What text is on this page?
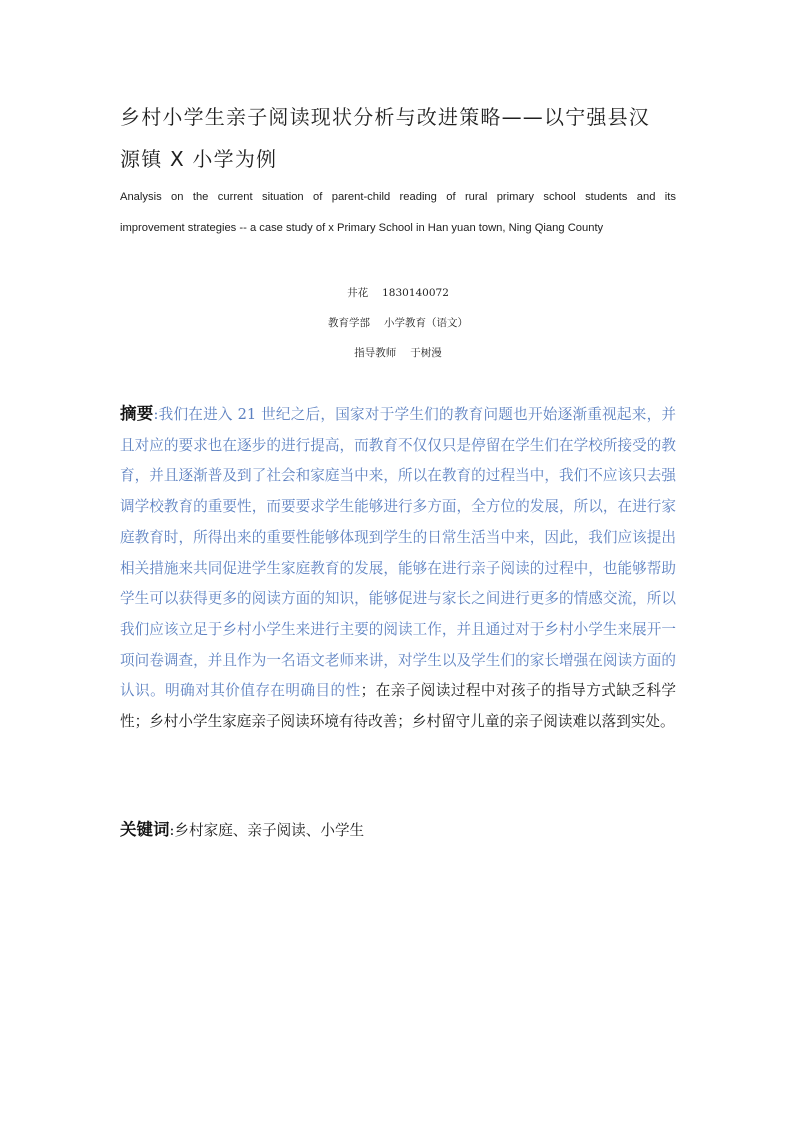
乡村小学生亲子阅读现状分析与改进策略——以宁强县汉
源镇 X 小学为例
Analysis on the current situation of parent-child reading of rural primary school students and its
improvement strategies -- a case study of x Primary School in Han yuan town, Ning Qiang County
井花 1830140072
教育学部 小学教育（语文）
指导教师 于树漫
摘要:我们在进入 21 世纪之后，国家对于学生们的教育问题也开始逐渐重视起来，并且对应的要求也在逐步的进行提高，而教育不仅仅只是停留在学生们在学校所接受的教育，并且逐渐普及到了社会和家庭当中来，所以在教育的过程当中，我们不应该只去强调学校教育的重要性，而要要求学生能够进行多方面，全方位的发展，所以，在进行家庭教育时，所得出来的重要性能够体现到学生的日常生活当中来，因此，我们应该提出相关措施来共同促进学生家庭教育的发展，能够在进行亲子阅读的过程中，也能够帮助学生可以获得更多的阅读方面的知识，能够促进与家长之间进行更多的情感交流，所以我们应该立足于乡村小学生来进行主要的阅读工作，并且通过对于乡村小学生来展开一项问卷调查，并且作为一名语文老师来讲，对学生以及学生们的家长增强在阅读方面的认识。明确对其价值存在明确目的性；在亲子阅读过程中对孩子的指导方式缺乏科学性；乡村小学生家庭亲子阅读环境有待改善；乡村留守儿童的亲子阅读难以落到实处。
关键词:乡村家庭、亲子阅读、小学生
